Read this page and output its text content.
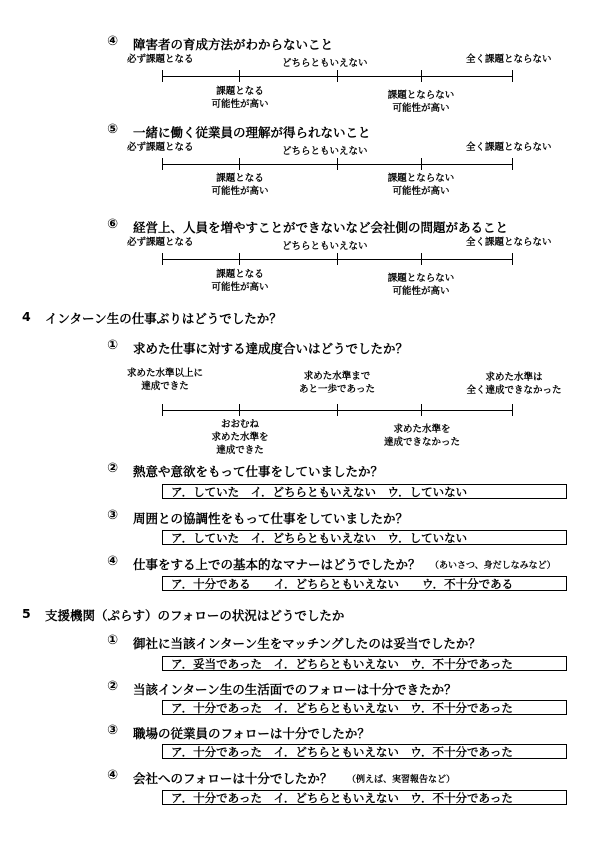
④ 障害者の育成方法がわからないこと
必ず課題となる	どちらともいえない	全く課題とならない
課題となる
可能性が高い
課題とならない
可能性が高い
⑤ 一緒に働く従業員の理解が得られないこと
必ず課題となる	どちらともいえない	全く課題とならない
課題となる
可能性が高い
課題とならない
可能性が高い
⑥ 経営上、人員を増やすことができないなど会社側の問題があること
必ず課題となる	どちらともいえない	全く課題とならない
課題となる
可能性が高い
課題とならない
可能性が高い
4 インターン生の仕事ぶりはどうでしたか？
① 求めた仕事に対する達成度合いはどうでしたか？
求めた水準以上に
達成できた
求めた水準まで
あと一歩であった
求めた水準は
全く達成できなかった
おおむね
求めた水準を
達成できた
求めた水準を
達成できなかった
② 熱意や意欲をもって仕事をしていましたか？
ア．していた　イ．どちらともいえない　ウ．していない
③ 周囲との協調性をもって仕事をしていましたか？
ア．していた　イ．どちらともいえない　ウ．していない
④ 仕事をする上での基本的なマナーはどうでしたか？ （あいさつ、身だしなみなど）
ア．十分である　　イ．どちらともいえない　　ウ．不十分である
5 支援機関（ぷらす）のフォローの状況はどうでしたか
① 御社に当該インターン生をマッチングしたのは妥当でしたか？
ア．妥当であった　イ．どちらともいえない　ウ．不十分であった
② 当該インターン生の生活面でのフォローは十分できたか？
ア．十分であった　イ．どちらともいえない　ウ．不十分であった
③ 職場の従業員のフォローは十分でしたか？
ア．十分であった　イ．どちらともいえない　ウ．不十分であった
④ 会社へのフォローは十分でしたか？ （例えば、実習報告など）
ア．十分であった　イ．どちらともいえない　ウ．不十分であった
